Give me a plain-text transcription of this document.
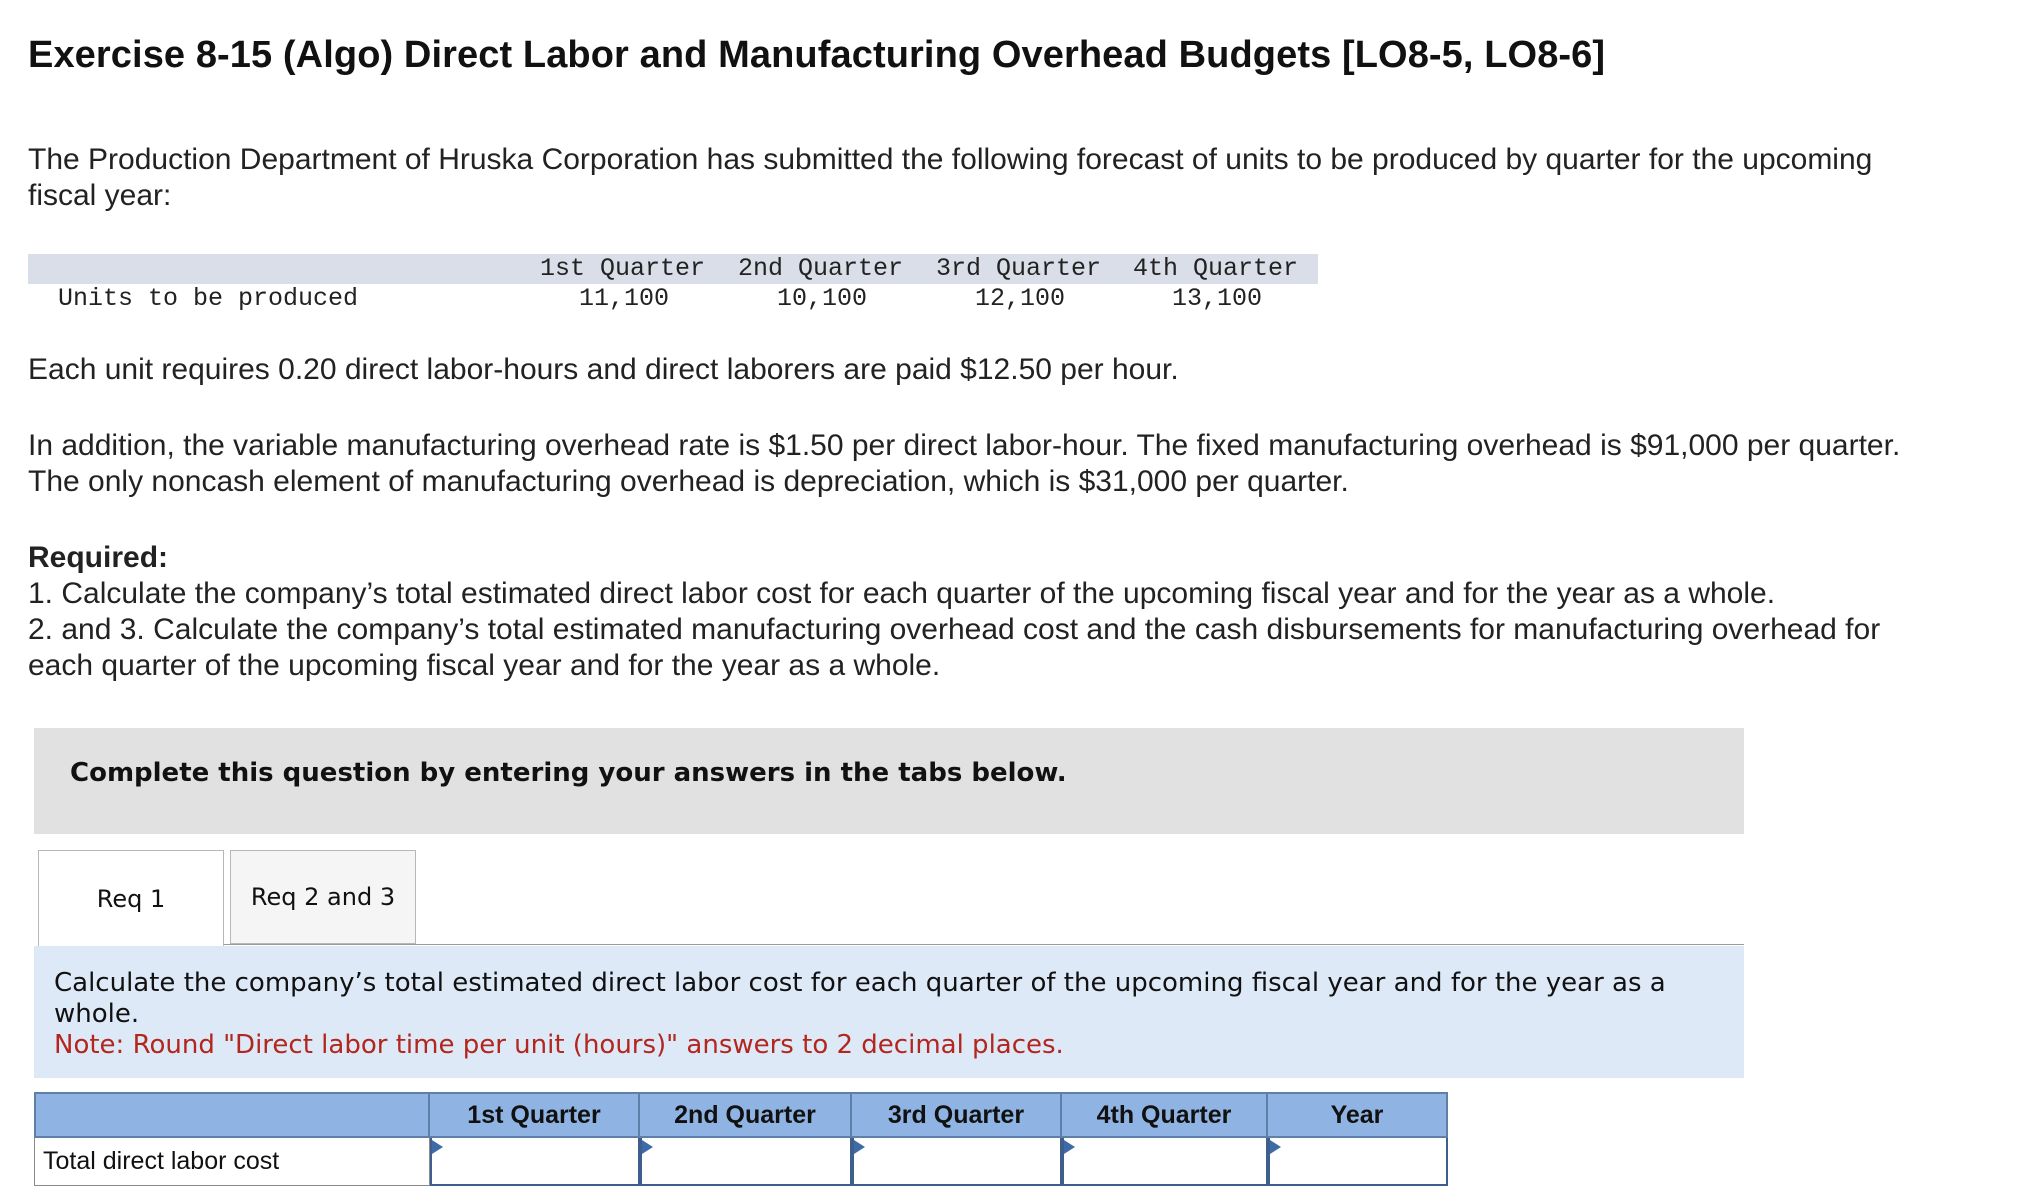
Exercise 8-15 (Algo) Direct Labor and Manufacturing Overhead Budgets [LO8-5, LO8-6]
The Production Department of Hruska Corporation has submitted the following forecast of units to be produced by quarter for the upcoming fiscal year:
1st Quarter 2nd Quarter 3rd Quarter 4th Quarter
Units to be produced	11,100	10,100	12,100	13,100
Each unit requires 0.20 direct labor-hours and direct laborers are paid $12.50 per hour.
In addition, the variable manufacturing overhead rate is $1.50 per direct labor-hour. The fixed manufacturing overhead is $91,000 per quarter. The only noncash element of manufacturing overhead is depreciation, which is $31,000 per quarter.
Required:
1. Calculate the company’s total estimated direct labor cost for each quarter of the upcoming fiscal year and for the year as a whole.
2. and 3. Calculate the company’s total estimated manufacturing overhead cost and the cash disbursements for manufacturing overhead for each quarter of the upcoming fiscal year and for the year as a whole.
Complete this question by entering your answers in the tabs below.
Req 1	Req 2 and 3
Calculate the company’s total estimated direct labor cost for each quarter of the upcoming fiscal year and for the year as a whole.
Note: Round "Direct labor time per unit (hours)" answers to 2 decimal places.
1st Quarter	2nd Quarter	3rd Quarter	4th Quarter	Year
Total direct labor cost
